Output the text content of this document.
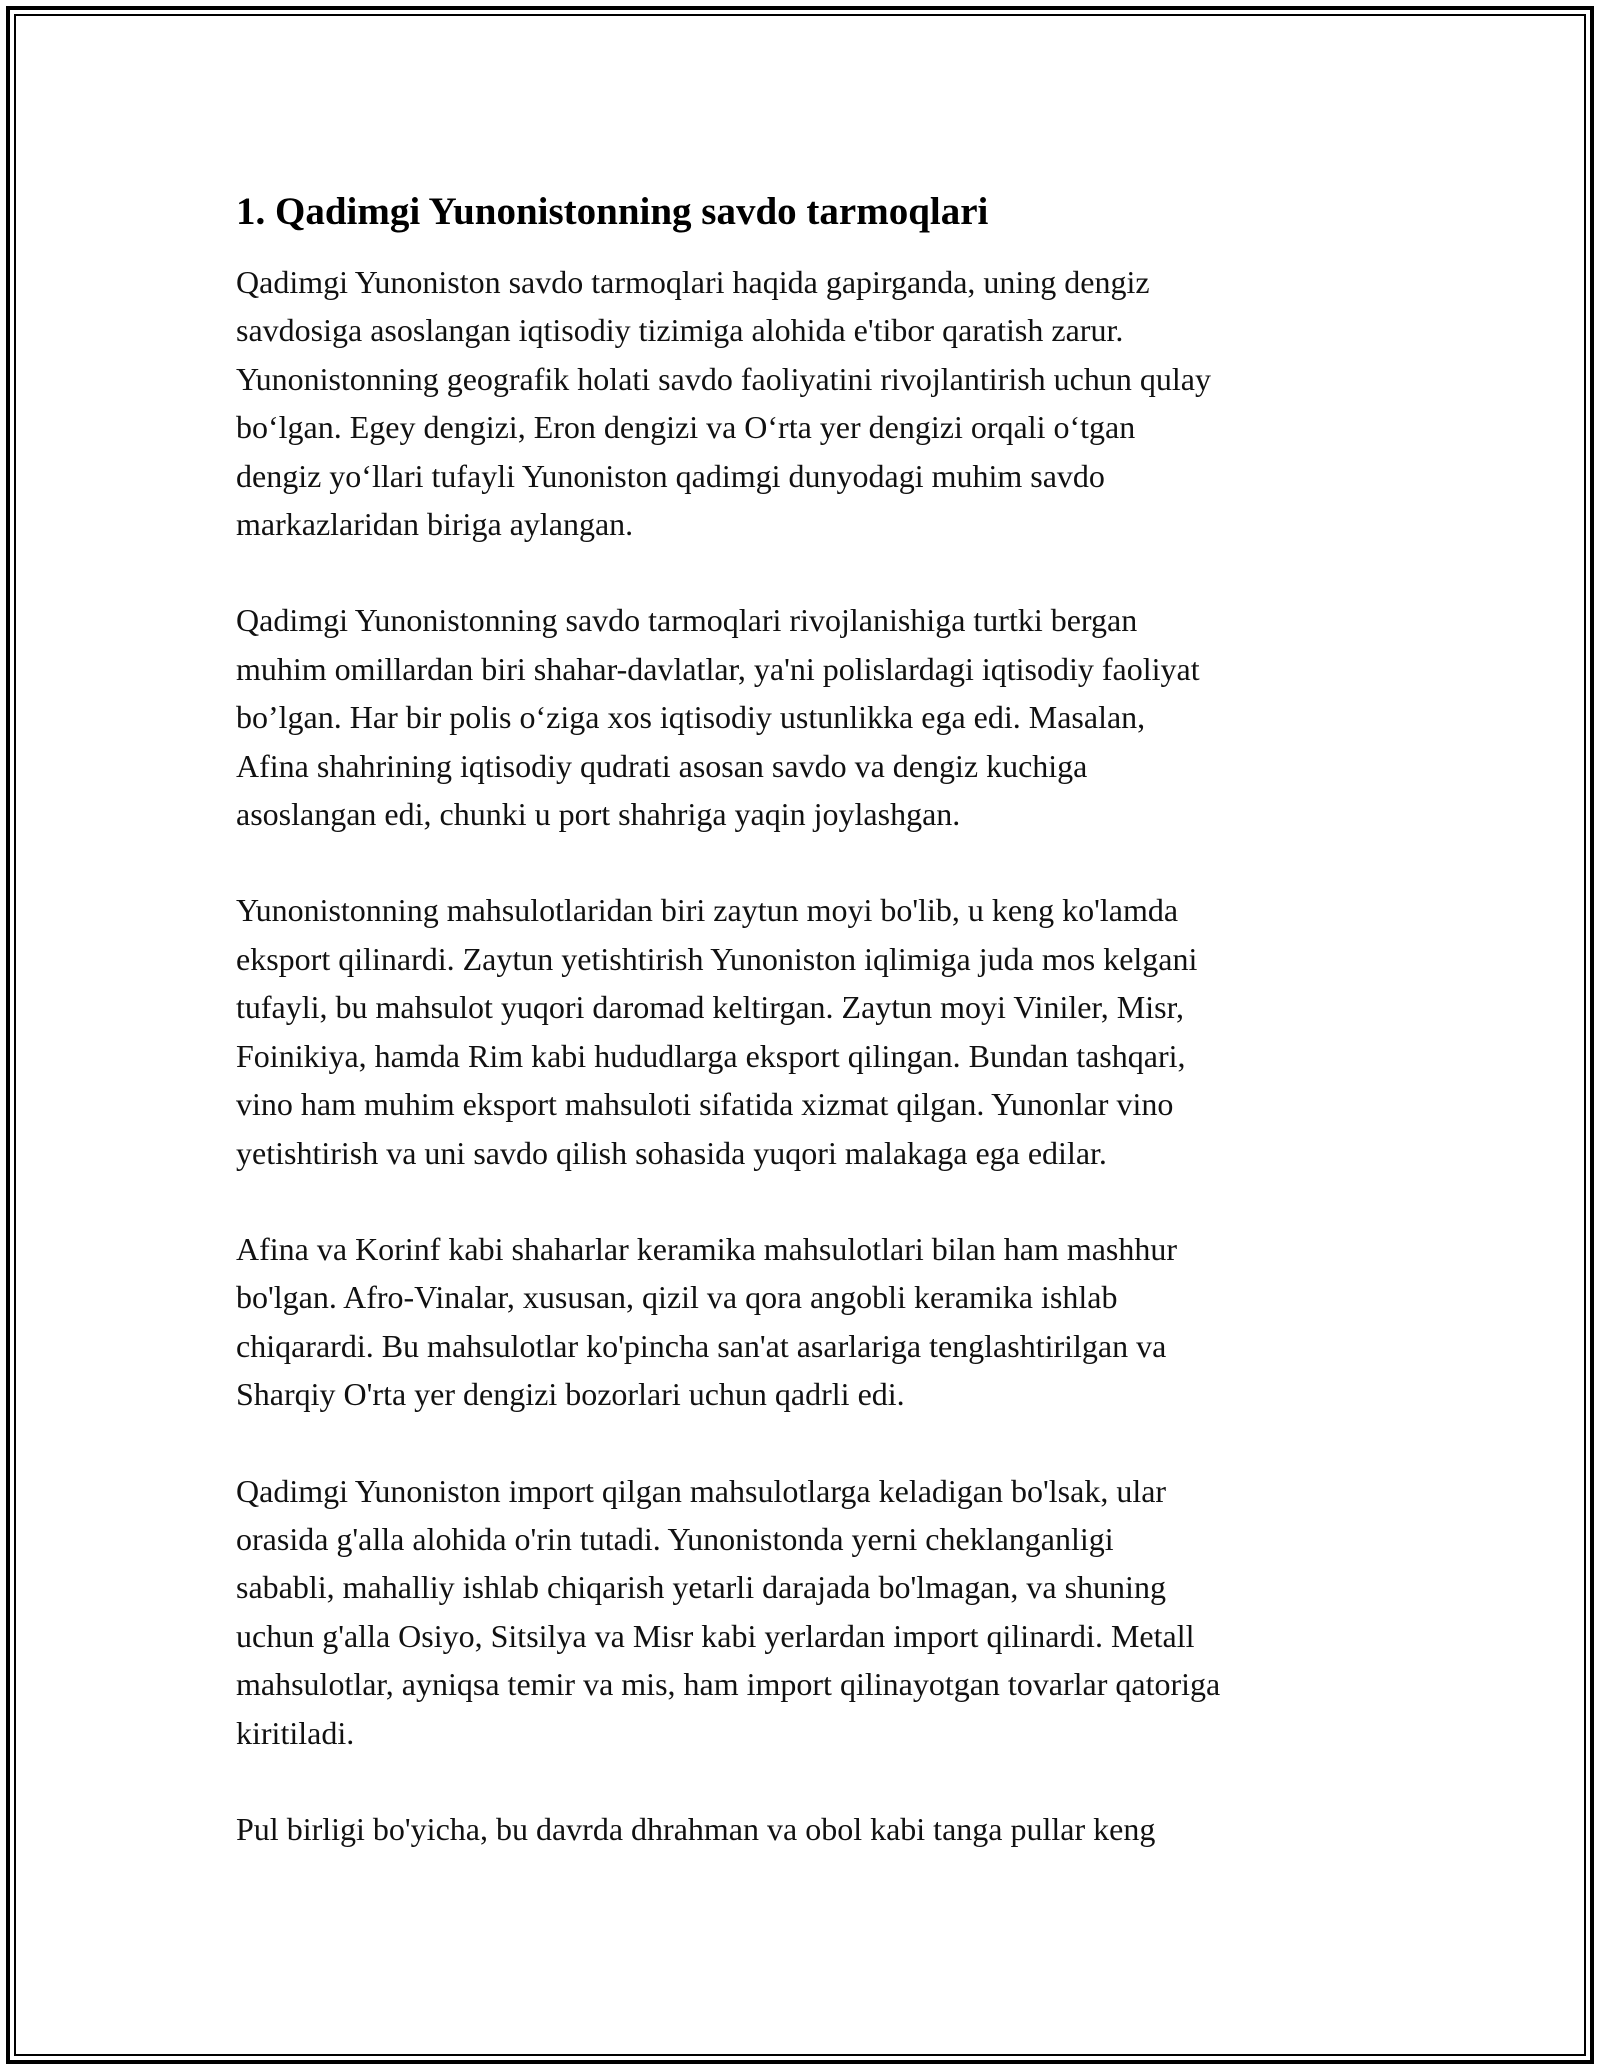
1. Qadimgi Yunonistonning savdo tarmoqlari
Qadimgi Yunoniston savdo tarmoqlari haqida gapirganda, uning dengiz
savdosiga asoslangan iqtisodiy tizimiga alohida e'tibor qaratish zarur.
Yunonistonning geografik holati savdo faoliyatini rivojlantirish uchun qulay
bo‘lgan. Egey dengizi, Eron dengizi va O‘rta yer dengizi orqali o‘tgan
dengiz yo‘llari tufayli Yunoniston qadimgi dunyodagi muhim savdo
markazlaridan biriga aylangan.
Qadimgi Yunonistonning savdo tarmoqlari rivojlanishiga turtki bergan
muhim omillardan biri shahar-davlatlar, ya'ni polislardagi iqtisodiy faoliyat
bo’lgan. Har bir polis o‘ziga xos iqtisodiy ustunlikka ega edi. Masalan,
Afina shahrining iqtisodiy qudrati asosan savdo va dengiz kuchiga
asoslangan edi, chunki u port shahriga yaqin joylashgan.
Yunonistonning mahsulotlaridan biri zaytun moyi bo'lib, u keng ko'lamda
eksport qilinardi. Zaytun yetishtirish Yunoniston iqlimiga juda mos kelgani
tufayli, bu mahsulot yuqori daromad keltirgan. Zaytun moyi Viniler, Misr,
Foinikiya, hamda Rim kabi hududlarga eksport qilingan. Bundan tashqari,
vino ham muhim eksport mahsuloti sifatida xizmat qilgan. Yunonlar vino
yetishtirish va uni savdo qilish sohasida yuqori malakaga ega edilar.
Afina va Korinf kabi shaharlar keramika mahsulotlari bilan ham mashhur
bo'lgan. Afro-Vinalar, xususan, qizil va qora angobli keramika ishlab
chiqarardi. Bu mahsulotlar ko'pincha san'at asarlariga tenglashtirilgan va
Sharqiy O'rta yer dengizi bozorlari uchun qadrli edi.
Qadimgi Yunoniston import qilgan mahsulotlarga keladigan bo'lsak, ular
orasida g'alla alohida o'rin tutadi. Yunonistonda yerni cheklanganligi
sababli, mahalliy ishlab chiqarish yetarli darajada bo'lmagan, va shuning
uchun g'alla Osiyo, Sitsilya va Misr kabi yerlardan import qilinardi. Metall
mahsulotlar, ayniqsa temir va mis, ham import qilinayotgan tovarlar qatoriga
kiritiladi.
Pul birligi bo'yicha, bu davrda dhrahman va obol kabi tanga pullar keng
